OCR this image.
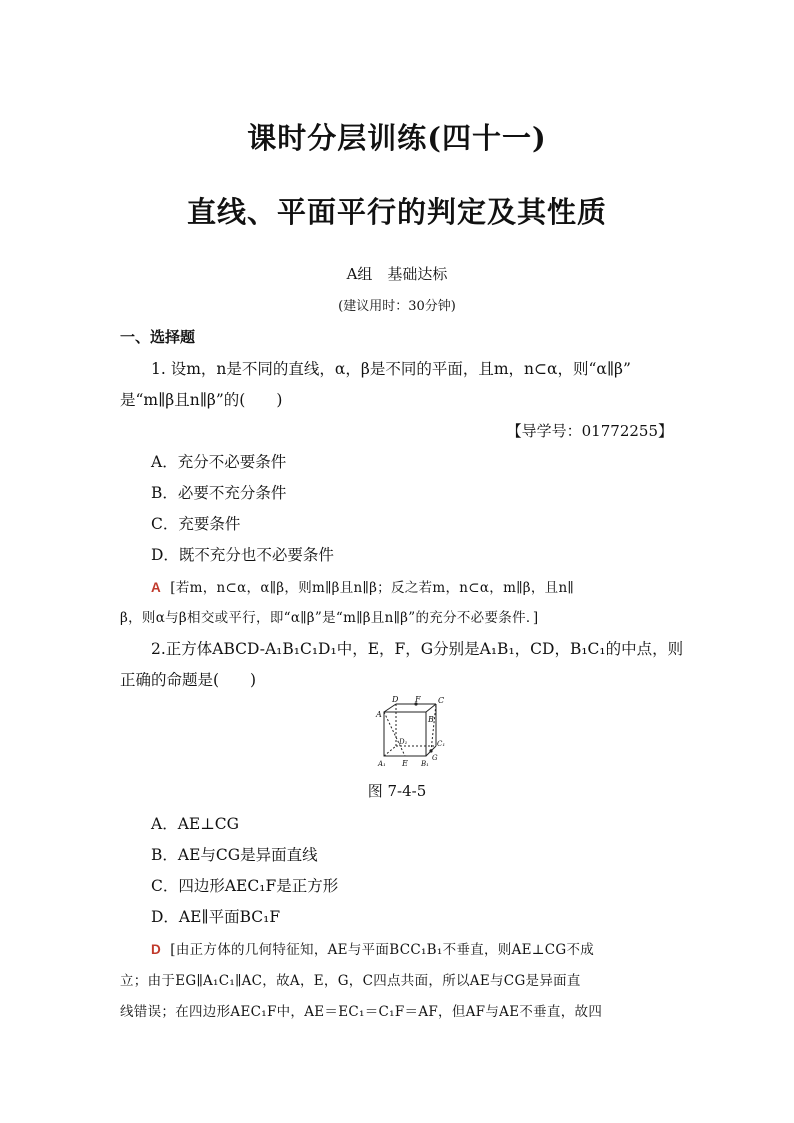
课时分层训练(四十一)
直线、平面平行的判定及其性质
A组　基础达标
(建议用时：30分钟)
一、选择题
1. 设m，n是不同的直线，α，β是不同的平面，且m，n⊂α，则“α∥β”
是“m∥β且n∥β”的(　　)
【导学号：01772255】
A．充分不必要条件
B．必要不充分条件
C．充要条件
D．既不充分也不必要条件
A [若m，n⊂α，α∥β，则m∥β且n∥β；反之若m，n⊂α，m∥β，且n∥
β，则α与β相交或平行，即“α∥β”是“m∥β且n∥β”的充分不必要条件．]
2.正方体ABCD-A₁B₁C₁D₁中，E，F，G分别是A₁B₁，CD，B₁C₁的中点，则
正确的命题是(　　)
D F C
A
B
D₁	C₁
A₁ E B₁
G
图 7-4-5
A．AE⊥CG
B．AE与CG是异面直线
C．四边形AEC₁F是正方形
D．AE∥平面BC₁F
D [由正方体的几何特征知，AE与平面BCC₁B₁不垂直，则AE⊥CG不成
立；由于EG∥A₁C₁∥AC，故A，E，G，C四点共面，所以AE与CG是异面直
线错误；在四边形AEC₁F中，AE＝EC₁＝C₁F＝AF，但AF与AE不垂直，故四
